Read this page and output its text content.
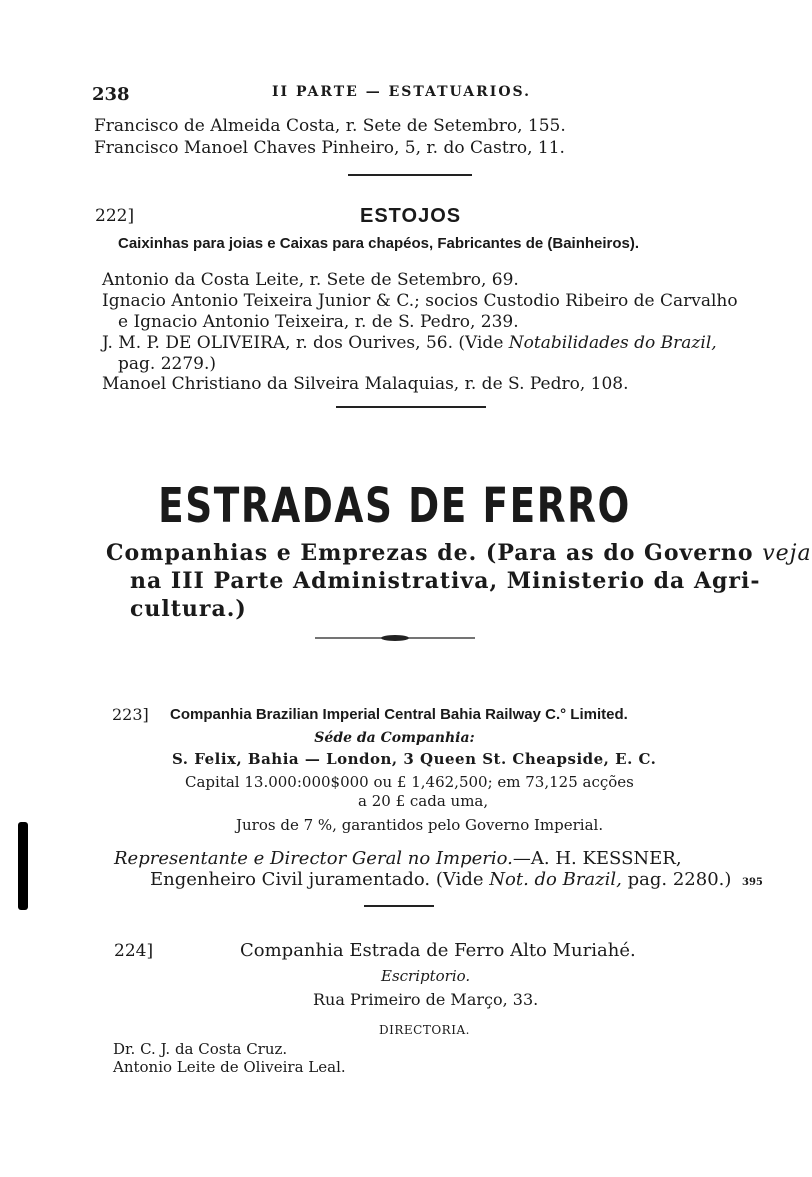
238	II PARTE — ESTATUARIOS.
Francisco de Almeida Costa, r. Sete de Setembro, 155.
Francisco Manoel Chaves Pinheiro, 5, r. do Castro, 11.
222]	ESTOJOS
Caixinhas para joias e Caixas para chapéos, Fabricantes de (Bainheiros).
Antonio da Costa Leite, r. Sete de Setembro, 69.
Ignacio Antonio Teixeira Junior & C.; socios Custodio Ribeiro de Carvalho
e Ignacio Antonio Teixeira, r. de S. Pedro, 239.
J. M. P. DE OLIVEIRA, r. dos Ourives, 56. (Vide Notabilidades do Brazil,
pag. 2279.)
Manoel Christiano da Silveira Malaquias, r. de S. Pedro, 108.
ESTRADAS DE FERRO
Companhias e Emprezas de. (Para as do Governo veja
na III Parte Administrativa, Ministerio da Agri-
cultura.)
223] Companhia Brazilian Imperial Central Bahia Railway C.° Limited.
Séde da Companhia:
S. Felix, Bahia — London, 3 Queen St. Cheapside, E. C.
Capital 13.000:000$000 ou £ 1,462,500; em 73,125 acções
a 20 £ cada uma,
Juros de 7 %, garantidos pelo Governo Imperial.
Representante e Director Geral no Imperio.—A. H. KESSNER,
Engenheiro Civil juramentado. (Vide Not. do Brazil, pag. 2280.) 395
224]	Companhia Estrada de Ferro Alto Muriahé.
Escriptorio.
Rua Primeiro de Março, 33.
DIRECTORIA.
Dr. C. J. da Costa Cruz.
Antonio Leite de Oliveira Leal.
